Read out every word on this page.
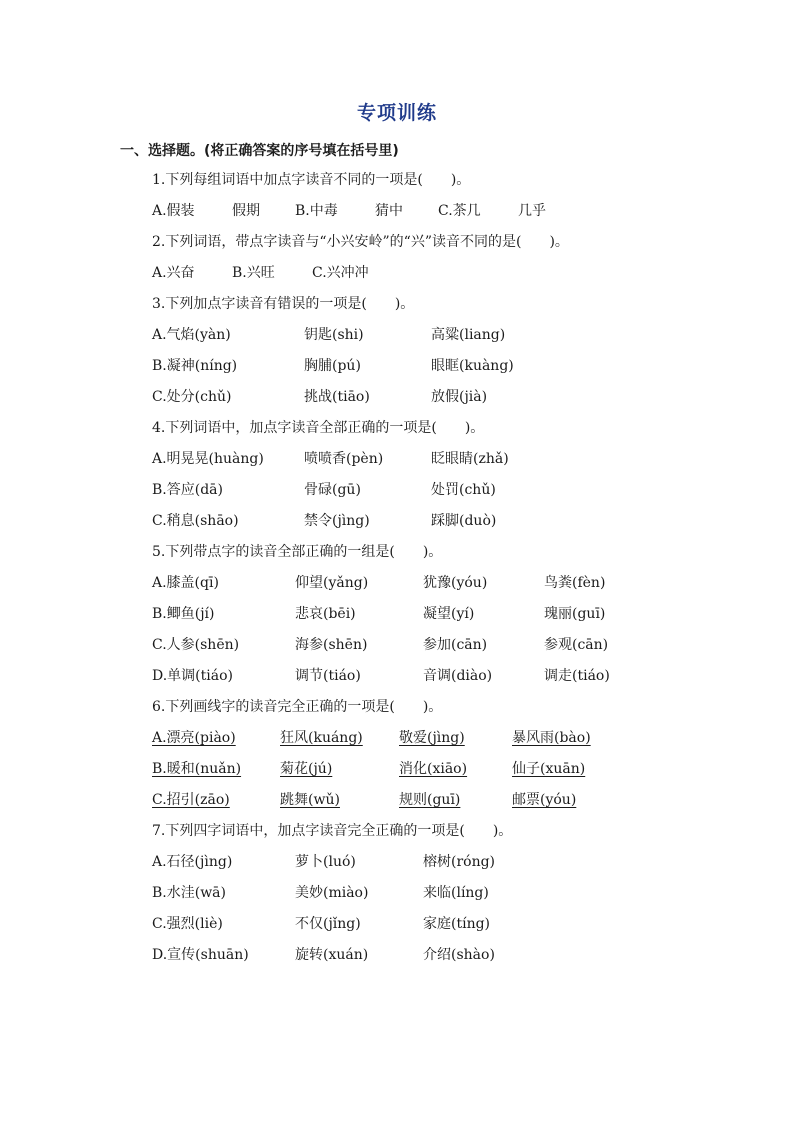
专项训练
一、选择题。(将正确答案的序号填在括号里)
1.下列每组词语中加点字读音不同的一项是(　　)。
A.假装	假期	B.中毒	猜中	C.茶几	几乎
2.下列词语，带点字读音与“小兴安岭”的“兴”读音不同的是(　　)。
A.兴奋	B.兴旺	C.兴冲冲
3.下列加点字读音有错误的一项是(　　)。
A.气焰(yàn)	钥匙(shi)	高粱(liang)
B.凝神(níng)	胸脯(pú)	眼眶(kuàng)
C.处分(chǔ)	挑战(tiāo)	放假(jià)
4.下列词语中，加点字读音全部正确的一项是(　　)。
A.明晃晃(huàng)	喷喷香(pèn)	眨眼睛(zhǎ)
B.答应(dā)	骨碌(gū)	处罚(chǔ)
C.稍息(shāo)	禁令(jìng)	踩脚(duò)
5.下列带点字的读音全部正确的一组是(　　)。
A.膝盖(qī)	仰望(yǎng)	犹豫(yóu)	鸟粪(fèn)
B.鲫鱼(jí)	悲哀(bēi)	凝望(yí)	瑰丽(guī)
C.人参(shēn)	海参(shēn)	参加(cān)	参观(cān)
D.单调(tiáo)	调节(tiáo)	音调(diào)	调走(tiáo)
6.下列画线字的读音完全正确的一项是(　　)。
A.漂亮(piào)	狂风(kuáng)	敬爱(jìng)	暴风雨(bào)
B.暖和(nuǎn)	菊花(jú)	消化(xiāo)	仙子(xuān)
C.招引(zāo)	跳舞(wǔ)	规则(guī)	邮票(yóu)
7.下列四字词语中，加点字读音完全正确的一项是(　　)。
A.石径(jìng)	萝卜(luó)	榕树(róng)
B.水洼(wā)	美妙(miào)	来临(líng)
C.强烈(liè)	不仅(jǐng)	家庭(tíng)
D.宣传(shuān)	旋转(xuán)	介绍(shào)
